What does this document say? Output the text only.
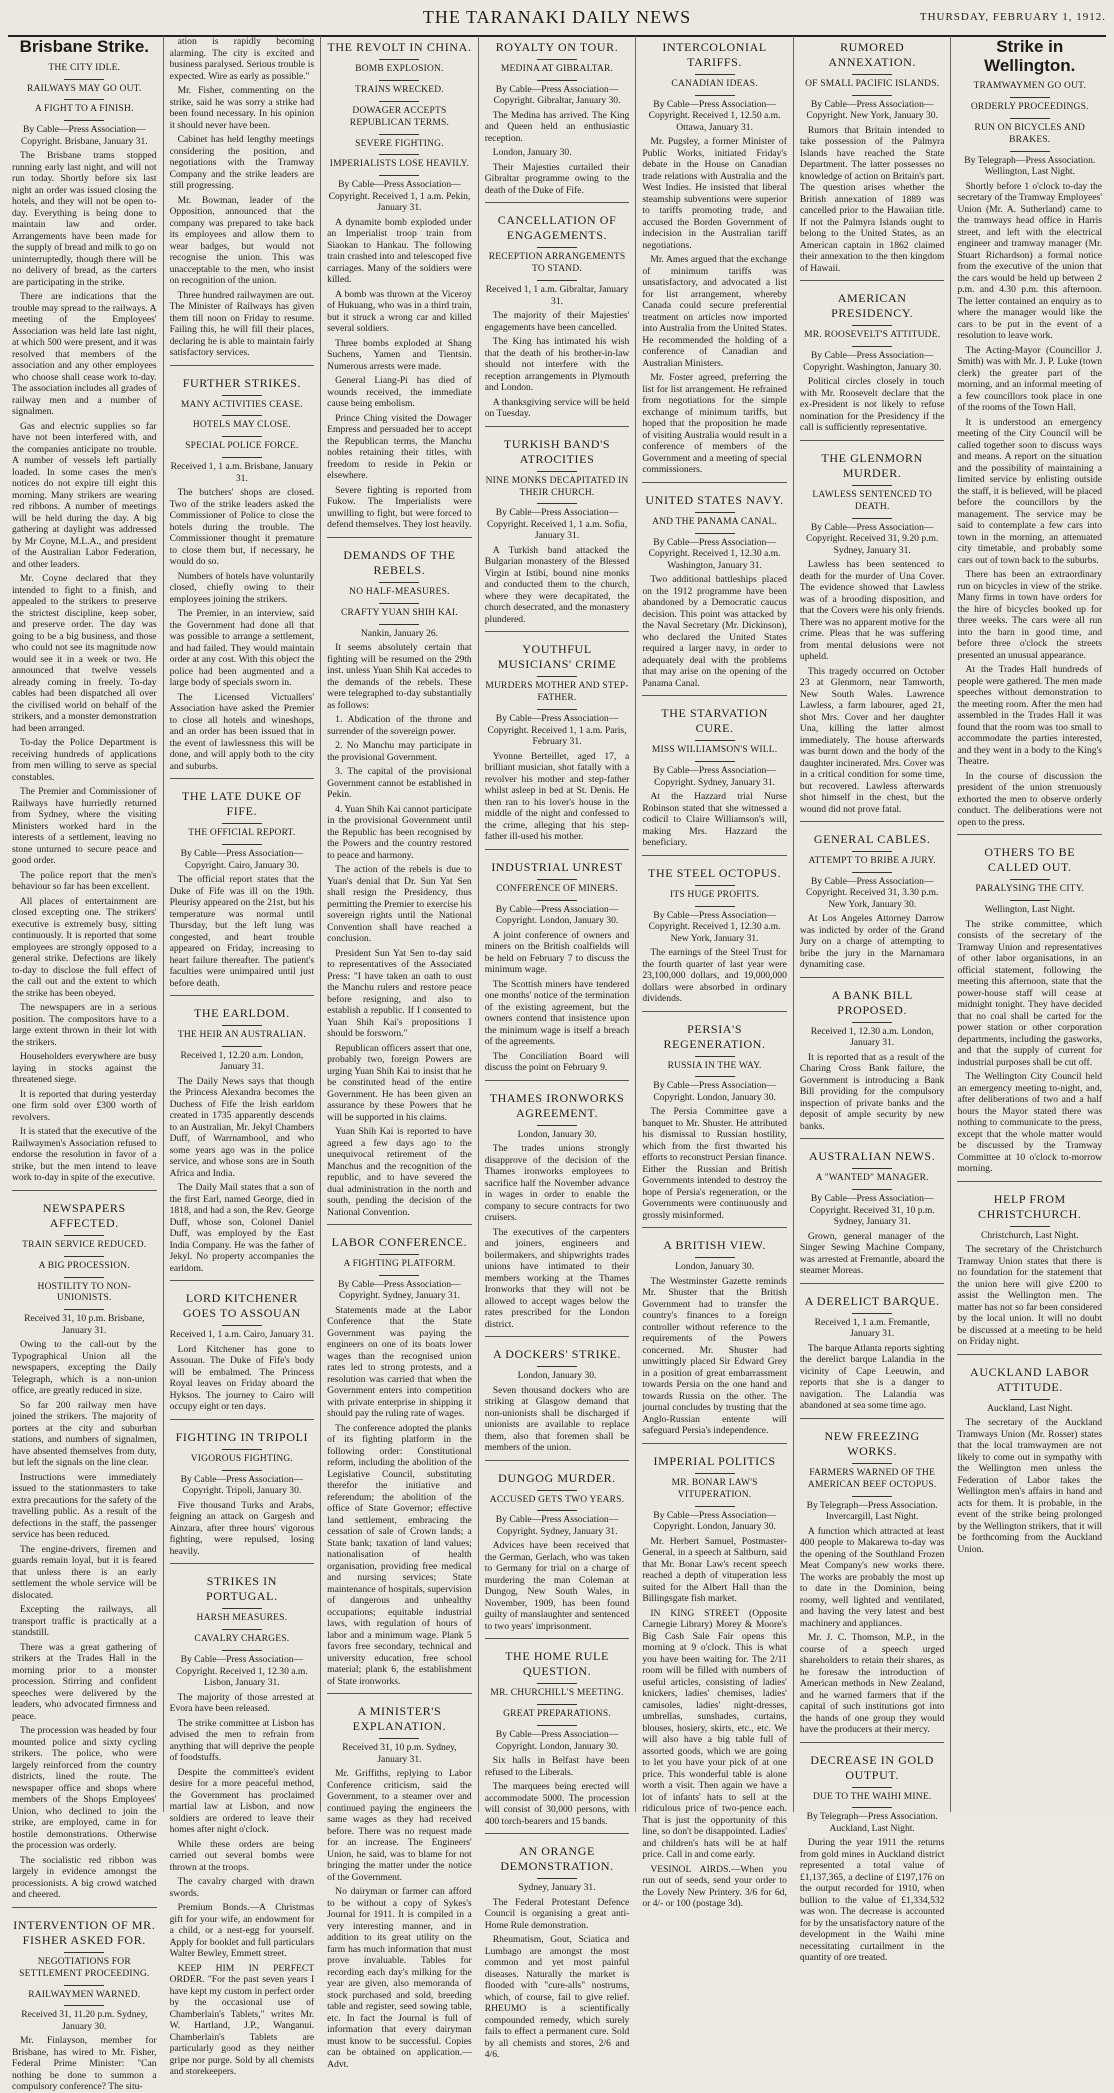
THE TARANAKI DAILY NEWS	THURSDAY, FEBRUARY 1, 1912.
Brisbane Strike.
THE CITY IDLE.
RAILWAYS MAY GO OUT.
A FIGHT TO A FINISH.

By Cable—Press Association—Copyright. Brisbane, January 31.

The Brisbane trams stopped running early last night, and will not run today. Shortly before six last night an order was issued closing the hotels, and they will not be open to-day. Everything is being done to maintain law and order. Arrangements have been made for the supply of bread and milk to go on uninterruptedly, though there will be no delivery of bread, as the carters are participating in the strike.

There are indications that the trouble may spread to the railways. A meeting of the Employees' Association was held late last night, at which 500 were present, and it was resolved that members of the association and any other employees who choose shall cease work to-day. The association includes all grades of railway men and a number of signalmen.

Gas and electric supplies so far have not been interfered with, and the companies anticipate no trouble. A number of vessels left partially loaded. In some cases the men's notices do not expire till eight this morning. Many strikers are wearing red ribbons. A number of meetings will be held during the day. A big gathering at daylight was addressed by Mr Coyne, M.L.A., and president of the Australian Labor Federation, and other leaders.

Mr. Coyne declared that they intended to fight to a finish, and appealed to the strikers to preserve the strictest discipline, keep sober, and preserve order. The day was going to be a big business, and those who could not see its magnitude now would see it in a week or two. He announced that twelve vessels already coming in freely. To-day cables had been dispatched all over the civilised world on behalf of the strikers, and a monster demonstration had been arranged.

To-day the Police Department is receiving hundreds of applications from men willing to serve as special constables.

The Premier and Commissioner of Railways have hurriedly returned from Sydney, where the visiting Ministers worked hard in the interests of a settlement, leaving no stone unturned to secure peace and good order.

The police report that the men's behaviour so far has been excellent.

All places of entertainment are closed excepting one. The strikers' executive is extremely busy, sitting continuously. It is reported that some employees are strongly opposed to a general strike. Defections are likely to-day to disclose the full effect of the call out and the extent to which the strike has been obeyed.

The newspapers are in a serious position. The compositors have to a large extent thrown in their lot with the strikers.

Householders everywhere are busy laying in stocks against the threatened siege.

It is reported that during yesterday one firm sold over £300 worth of revolvers.

It is stated that the executive of the Railwaymen's Association refused to endorse the resolution in favor of a strike, but the men intend to leave work to-day in spite of the executive.

NEWSPAPERS AFFECTED.
TRAIN SERVICE REDUCED.
A BIG PROCESSION.
HOSTILITY TO NON-UNIONISTS.

Received 31, 10 p.m. Brisbane, January 31.

Owing to the call-out by the Typographical Union all the newspapers, excepting the Daily Telegraph, which is a non-union office, are greatly reduced in size.

So far 200 railway men have joined the strikers. The majority of porters at the city and suburban stations, and numbers of signalmen, have absented themselves from duty, but left the signals on the line clear.

Instructions were immediately issued to the stationmasters to take extra precautions for the safety of the travelling public. As a result of the defections in the staff, the passenger service has been reduced.

The engine-drivers, firemen and guards remain loyal, but it is feared that unless there is an early settlement the whole service will be dislocated.

Excepting the railways, all transport traffic is practically at a standstill.

There was a great gathering of strikers at the Trades Hall in the morning prior to a monster procession. Stirring and confident speeches were delivered by the leaders, who advocated firmness and peace.

The procession was headed by four mounted police and sixty cycling strikers. The police, who were largely reinforced from the country districts, lined the route. The newspaper office and shops where members of the Shops Employees' Union, who declined to join the strike, are employed, came in for hostile demonstrations. Otherwise the procession was orderly.

The socialistic red ribbon was largely in evidence amongst the processionists. A big crowd watched and cheered.

INTERVENTION OF MR. FISHER ASKED FOR.
NEGOTIATIONS FOR SETTLEMENT PROCEEDING.
RAILWAYMEN WARNED.

Received 31, 11.20 p.m. Sydney, January 30.

Mr. Finlayson, member for Brisbane, has wired to Mr. Fisher, Federal Prime Minister: "Can nothing be done to summon a compulsory conference? The situ-

ation is rapidly becoming alarming. The city is excited and business paralysed. Serious trouble is expected. Wire as early as possible."

Mr. Fisher, commenting on the strike, said he was sorry a strike had been found necessary. In his opinion it should never have been.

Cabinet has held lengthy meetings considering the position, and negotiations with the Tramway Company and the strike leaders are still progressing.

Mr. Bowman, leader of the Opposition, announced that the company was prepared to take back its employees and allow them to wear badges, but would not recognise the union. This was unacceptable to the men, who insist on recognition of the union.

Three hundred railwaymen are out. The Minister of Railways has given them till noon on Friday to resume. Failing this, he will fill their places, declaring he is able to maintain fairly satisfactory services.

FURTHER STRIKES.
MANY ACTIVITIES CEASE.
HOTELS MAY CLOSE.
SPECIAL POLICE FORCE.

Received 1, 1 a.m. Brisbane, January 31.

The butchers' shops are closed. Two of the strike leaders asked the Commissioner of Police to close the hotels during the trouble. The Commissioner thought it premature to close them but, if necessary, he would do so.

Numbers of hotels have voluntarily closed, chiefly owing to their employees joining the strikers.

The Premier, in an interview, said the Government had done all that was possible to arrange a settlement, and had failed. They would maintain order at any cost. With this object the police had been augmented and a large body of specials sworn in.

The Licensed Victuallers' Association have asked the Premier to close all hotels and wineshops, and an order has been issued that in the event of lawlessness this will be done, and will apply both to the city and suburbs.

THE LATE DUKE OF FIFE.
THE OFFICIAL REPORT.

By Cable—Press Association—Copyright. Cairo, January 30.

The official report states that the Duke of Fife was ill on the 19th. Pleurisy appeared on the 21st, but his temperature was normal until Thursday, but the left lung was congested, and heart trouble appeared on Friday, increasing to heart failure thereafter. The patient's faculties were unimpaired until just before death.

THE EARLDOM.
THE HEIR AN AUSTRALIAN.

Received 1, 12.20 a.m. London, January 31.

The Daily News says that though the Princess Alexandra becomes the Duchess of Fife the Irish earldom created in 1735 apparently descends to an Australian, Mr. Jekyl Chambers Duff, of Warrnambool, and who some years ago was in the police service, and whose sons are in South Africa and India.

The Daily Mail states that a son of the first Earl, named George, died in 1818, and had a son, the Rev. George Duff, whose son, Colonel Daniel Duff, was employed by the East India Company. He was the father of Jekyl. No property accompanies the earldom.

LORD KITCHENER GOES TO ASSOUAN

Received 1, 1 a.m. Cairo, January 31.

Lord Kitchener has gone to Assouan. The Duke of Fife's body will be embalmed. The Princess Royal leaves on Friday aboard the Hyksos. The journey to Cairo will occupy eight or ten days.

FIGHTING IN TRIPOLI
VIGOROUS FIGHTING.

By Cable—Press Association—Copyright. Tripoli, January 30.

Five thousand Turks and Arabs, feigning an attack on Gargesh and Ainzara, after three hours' vigorous fighting, were repulsed, losing heavily.

STRIKES IN PORTUGAL.
HARSH MEASURES.
CAVALRY CHARGES.

By Cable—Press Association—Copyright. Received 1, 12.30 a.m. Lisbon, January 31.

The majority of those arrested at Evora have been released.

The strike committee at Lisbon has advised the men to refrain from anything that will deprive the people of foodstuffs.

Despite the committee's evident desire for a more peaceful method, the Government has proclaimed martial law at Lisbon, and now soldiers are ordered to leave their homes after night o'clock.

While these orders are being carried out several bombs were thrown at the troops.

The cavalry charged with drawn swords.

Premium Bonds.—A Christmas gift for your wife, an endowment for a child, or a nest-egg for yourself. Apply for booklet and full particulars Walter Bewley, Emmett street.

KEEP HIM IN PERFECT ORDER. "For the past seven years I have kept my custom in perfect order by the occasional use of Chamberlain's Tablets," writes Mr. W. Hartland, J.P., Wanganui. Chamberlain's Tablets are particularly good as they neither gripe nor purge. Sold by all chemists and storekeepers.

THE REVOLT IN CHINA.
BOMB EXPLOSION.
TRAINS WRECKED.
DOWAGER ACCEPTS REPUBLICAN TERMS.
SEVERE FIGHTING.
IMPERIALISTS LOSE HEAVILY.

By Cable—Press Association—Copyright. Received 1, 1 a.m. Pekin, January 31.

A dynamite bomb exploded under an Imperialist troop train from Siaokan to Hankau. The following train crashed into and telescoped five carriages. Many of the soldiers were killed.

A bomb was thrown at the Viceroy of Hukuang, who was in a third train, but it struck a wrong car and killed several soldiers.

Three bombs exploded at Shang Suchens, Yamen and Tientsin. Numerous arrests were made.

General Liang-Pi has died of wounds received, the immediate cause being embolism.

Prince Ching visited the Dowager Empress and persuaded her to accept the Republican terms, the Manchu nobles retaining their titles, with freedom to reside in Pekin or elsewhere.

Severe fighting is reported from Fukow. The Imperialists were unwilling to fight, but were forced to defend themselves. They lost heavily.

DEMANDS OF THE REBELS.
NO HALF-MEASURES.
CRAFTY YUAN SHIH KAI.

Nankin, January 26.

It seems absolutely certain that fighting will be resumed on the 29th inst. unless Yuan Shih Kai accedes to the demands of the rebels. These were telegraphed to-day substantially as follows:

1. Abdication of the throne and surrender of the sovereign power.

2. No Manchu may participate in the provisional Government.

3. The capital of the provisional Government cannot be established in Pekin.

4. Yuan Shih Kai cannot participate in the provisional Government until the Republic has been recognised by the Powers and the country restored to peace and harmony.

The action of the rebels is due to Yuan's denial that Dr. Sun Yat Sen shall resign the Presidency, thus permitting the Premier to exercise his sovereign rights until the National Convention shall have reached a conclusion.

President Sun Yat Sen to-day said to representatives of the Associated Press: "I have taken an oath to oust the Manchu rulers and restore peace before resigning, and also to establish a republic. If I consented to Yuan Shih Kai's propositions I should be forsworn."

Republican officers assert that one, probably two, foreign Powers are urging Yuan Shih Kai to insist that he be constituted head of the entire Government. He has been given an assurance by these Powers that he will be supported in his claims.

Yuan Shih Kai is reported to have agreed a few days ago to the unequivocal retirement of the Manchus and the recognition of the republic, and to have severed the dual administration in the north and south, pending the decision of the National Convention.

LABOR CONFERENCE.
A FIGHTING PLATFORM.

By Cable—Press Association—Copyright. Sydney, January 31.

Statements made at the Labor Conference that the State Government was paying the engineers on one of its boats lower wages than the recognised union rates led to strong protests, and a resolution was carried that when the Government enters into competition with private enterprise in shipping it should pay the ruling rate of wages.

The conference adopted the planks of its fighting platform in the following order: Constitutional reform, including the abolition of the Legislative Council, substituting therefor the initiative and referendum; the abolition of the office of State Governor; effective land settlement, embracing the cessation of sale of Crown lands; a State bank; taxation of land values; nationalisation of health organisation, providing free medical and nursing services; State maintenance of hospitals, supervision of dangerous and unhealthy occupations; equitable industrial laws, with regulation of hours of labor and a minimum wage. Plank 5 favors free secondary, technical and university education, free school material; plank 6, the establishment of State ironworks.

A MINISTER'S EXPLANATION.

Received 31, 10 p.m. Sydney, January 31.

Mr. Griffiths, replying to Labor Conference criticism, said the Government, to a steamer over and continued paying the engineers the same wages as they had received before. There was no request made for an increase. The Engineers' Union, he said, was to blame for not bringing the matter under the notice of the Government.

No dairyman or farmer can afford to be without a copy of Sykes's Journal for 1911. It is compiled in a very interesting manner, and in addition to its great utility on the farm has much information that must prove invaluable. Tables for recording each day's milking for the year are given, also memoranda of stock purchased and sold, breeding table and register, seed sowing table, etc. In fact the Journal is full of information that every dairyman must know to be successful. Copies can be obtained on application.—Advt.

ROYALTY ON TOUR.
MEDINA AT GIBRALTAR.

By Cable—Press Association—Copyright. Gibraltar, January 30.

The Medina has arrived. The King and Queen held an enthusiastic reception.

London, January 30.

Their Majesties curtailed their Gibraltar programme owing to the death of the Duke of Fife.

CANCELLATION OF ENGAGEMENTS.
RECEPTION ARRANGEMENTS TO STAND.

Received 1, 1 a.m. Gibraltar, January 31.

The majority of their Majesties' engagements have been cancelled.

The King has intimated his wish that the death of his brother-in-law should not interfere with the reception arrangements in Plymouth and London.

A thanksgiving service will be held on Tuesday.

TURKISH BAND'S ATROCITIES
NINE MONKS DECAPITATED IN THEIR CHURCH.

By Cable—Press Association—Copyright. Received 1, 1 a.m. Sofia, January 31.

A Turkish band attacked the Bulgarian monastery of the Blessed Virgin at Istibi, bound nine monks and conducted them to the church, where they were decapitated, the church desecrated, and the monastery plundered.

YOUTHFUL MUSICIANS' CRIME
MURDERS MOTHER AND STEP-FATHER.

By Cable—Press Association—Copyright. Received 1, 1 a.m. Paris, February 31.

Yvonne Berteillet, aged 17, a brilliant musician, shot fatally with a revolver his mother and step-father whilst asleep in bed at St. Denis. He then ran to his lover's house in the middle of the night and confessed to the crime, alleging that his step-father ill-used his mother.

INDUSTRIAL UNREST
CONFERENCE OF MINERS.

By Cable—Press Association—Copyright. London, January 30.

A joint conference of owners and miners on the British coalfields will be held on February 7 to discuss the minimum wage.

The Scottish miners have tendered one months' notice of the termination of the existing agreement, but the owners contend that insistence upon the minimum wage is itself a breach of the agreements.

The Conciliation Board will discuss the point on February 9.

THAMES IRONWORKS AGREEMENT.

London, January 30.

The trades unions strongly disapprove of the decision of the Thames ironworks employees to sacrifice half the November advance in wages in order to enable the company to secure contracts for two cruisers.

The executives of the carpenters and joiners, engineers and boilermakers, and shipwrights trades unions have intimated to their members working at the Thames Ironworks that they will not be allowed to accept wages below the rates prescribed for the London district.

A DOCKERS' STRIKE.

London, January 30.

Seven thousand dockers who are striking at Glasgow demand that non-unionists shall be discharged if unionists are available to replace them, also that foremen shall be members of the union.

DUNGOG MURDER.
ACCUSED GETS TWO YEARS.

By Cable—Press Association—Copyright. Sydney, January 31.

Advices have been received that the German, Gerlach, who was taken to Germany for trial on a charge of murdering the man Coleman at Dungog, New South Wales, in November, 1909, has been found guilty of manslaughter and sentenced to two years' imprisonment.

THE HOME RULE QUESTION.
MR. CHURCHILL'S MEETING.
GREAT PREPARATIONS.

By Cable—Press Association—Copyright. London, January 30.

Six halls in Belfast have been refused to the Liberals.

The marquees being erected will accommodate 5000. The procession will consist of 30,000 persons, with 400 torch-bearers and 15 bands.

AN ORANGE DEMONSTRATION.

Sydney, January 31.

The Federal Protestant Defence Council is organising a great anti-Home Rule demonstration.

Rheumatism, Gout, Sciatica and Lumbago are amongst the most common and yet most painful diseases. Naturally the market is flooded with "cure-alls" nostrums, which, of course, fail to give relief. RHEUMO is a scientifically compounded remedy, which surely fails to effect a permanent cure. Sold by all chemists and stores, 2/6 and 4/6.

INTERCOLONIAL TARIFFS.
CANADIAN IDEAS.

By Cable—Press Association—Copyright. Received 1, 12.50 a.m. Ottawa, January 31.

Mr. Pugsley, a former Minister of Public Works, initiated Friday's debate in the House on Canadian trade relations with Australia and the West Indies. He insisted that liberal steamship subventions were superior to tariffs promoting trade, and accused the Borden Government of indecision in the Australian tariff negotiations.

Mr. Ames argued that the exchange of minimum tariffs was unsatisfactory, and advocated a list for list arrangement, whereby Canada could secure preferential treatment on articles now imported into Australia from the United States. He recommended the holding of a conference of Canadian and Australian Ministers.

Mr. Foster agreed, preferring the list for list arrangement. He refrained from negotiations for the simple exchange of minimum tariffs, but hoped that the proposition he made of visiting Australia would result in a conference of members of the Government and a meeting of special commissioners.

UNITED STATES NAVY.
AND THE PANAMA CANAL.

By Cable—Press Association—Copyright. Received 1, 12.30 a.m. Washington, January 31.

Two additional battleships placed on the 1912 programme have been abandoned by a Democratic caucus decision. This point was attacked by the Naval Secretary (Mr. Dickinson), who declared the United States required a larger navy, in order to adequately deal with the problems that may arise on the opening of the Panama Canal.

THE STARVATION CURE.
MISS WILLIAMSON'S WILL.

By Cable—Press Association—Copyright. Sydney, January 31.

At the Hazzard trial Nurse Robinson stated that she witnessed a codicil to Claire Williamson's will, making Mrs. Hazzard the beneficiary.

THE STEEL OCTOPUS.
ITS HUGE PROFITS.

By Cable—Press Association—Copyright. Received 1, 12.30 a.m. New York, January 31.

The earnings of the Steel Trust for the fourth quarter of last year were 23,100,000 dollars, and 19,000,000 dollars were absorbed in ordinary dividends.

PERSIA'S REGENERATION.
RUSSIA IN THE WAY.

By Cable—Press Association—Copyright. London, January 30.

The Persia Committee gave a banquet to Mr. Shuster. He attributed his dismissal to Russian hostility, which from the first thwarted his efforts to reconstruct Persian finance. Either the Russian and British Governments intended to destroy the hope of Persia's regeneration, or the Governments were continuously and grossly misinformed.

A BRITISH VIEW.

London, January 30.

The Westminster Gazette reminds Mr. Shuster that the British Government had to transfer the country's finances to a foreign controller without reference to the requirements of the Powers concerned. Mr. Shuster had unwittingly placed Sir Edward Grey in a position of great embarrassment towards Persia on the one hand and towards Russia on the other. The journal concludes by trusting that the Anglo-Russian entente will safeguard Persia's independence.

IMPERIAL POLITICS
MR. BONAR LAW'S VITUPERATION.

By Cable—Press Association—Copyright. London, January 30.

Mr. Herbert Samuel, Postmaster-General, in a speech at Saltburn, said that Mr. Bonar Law's recent speech reached a depth of vituperation less suited for the Albert Hall than the Billingsgate fish market.

IN KING STREET (Opposite Carnegie Library) Morey & Moore's Big Cash Sale Fair opens this morning at 9 o'clock. This is what you have been waiting for. The 2/11 room will be filled with numbers of useful articles, consisting of ladies' knickers, ladies' chemises, ladies' camisoles, ladies' night-dresses, umbrellas, sunshades, curtains, blouses, hosiery, skirts, etc., etc. We will also have a big table full of assorted goods, which we are going to let you have your pick of at one price. This wonderful table is alone worth a visit. Then again we have a lot of infants' hats to sell at the ridiculous price of two-pence each. That is just the opportunity of this line, so don't be disappointed. Ladies' and children's hats will be at half price. Call in and come early.

VESINOL AIRDS.—When you run out of seeds, send your order to the Lovely New Printery. 3/6 for 6d, or 4/- or 100 (postage 3d).

RUMORED ANNEXATION.
OF SMALL PACIFIC ISLANDS.

By Cable—Press Association—Copyright. New York, January 30.

Rumors that Britain intended to take possession of the Palmyra Islands have reached the State Department. The latter possesses no knowledge of action on Britain's part. The question arises whether the British annexation of 1889 was cancelled prior to the Hawaiian title. If not the Palmyra Islands ought to belong to the United States, as an American captain in 1862 claimed their annexation to the then kingdom of Hawaii.

AMERICAN PRESIDENCY.
MR. ROOSEVELT'S ATTITUDE.

By Cable—Press Association—Copyright. Washington, January 30.

Political circles closely in touch with Mr. Roosevelt declare that the ex-President is not likely to refuse nomination for the Presidency if the call is sufficiently representative.

THE GLENMORN MURDER.
LAWLESS SENTENCED TO DEATH.

By Cable—Press Association—Copyright. Received 31, 9.20 p.m. Sydney, January 31.

Lawless has been sentenced to death for the murder of Una Cover. The evidence showed that Lawless was of a brooding disposition, and that the Covers were his only friends. There was no apparent motive for the crime. Pleas that he was suffering from mental delusions were not upheld.

This tragedy occurred on October 23 at Glenmorn, near Tamworth, New South Wales. Lawrence Lawless, a farm labourer, aged 21, shot Mrs. Cover and her daughter Una, killing the latter almost immediately. The house afterwards was burnt down and the body of the daughter incinerated. Mrs. Cover was in a critical condition for some time, but recovered. Lawless afterwards shot himself in the chest, but the wound did not prove fatal.

GENERAL CABLES.
ATTEMPT TO BRIBE A JURY.

By Cable—Press Association—Copyright. Received 31, 3.30 p.m. New York, January 30.

At Los Angeles Attorney Darrow was indicted by order of the Grand Jury on a charge of attempting to bribe the jury in the Marnamara dynamiting case.

A BANK BILL PROPOSED.

Received 1, 12.30 a.m. London, January 31.

It is reported that as a result of the Charing Cross Bank failure, the Government is introducing a Bank Bill providing for the compulsory inspection of private banks and the deposit of ample security by new banks.

AUSTRALIAN NEWS.
A "WANTED" MANAGER.

By Cable—Press Association—Copyright. Received 31, 10 p.m. Sydney, January 31.

Grown, general manager of the Singer Sewing Machine Company, was arrested at Fremantle, aboard the steamer Moreas.

A DERELICT BARQUE.

Received 1, 1 a.m. Fremantle, January 31.

The barque Atlanta reports sighting the derelict barque Lalandia in the vicinity of Cape Leeuwin, and reports that she is a danger to navigation. The Lalandia was abandoned at sea some time ago.

NEW FREEZING WORKS.
FARMERS WARNED OF THE AMERICAN BEEF OCTOPUS.

By Telegraph—Press Association. Invercargill, Last Night.

A function which attracted at least 400 people to Makarewa to-day was the opening of the Southland Frozen Meat Company's new works there. The works are probably the most up to date in the Dominion, being roomy, well lighted and ventilated, and having the very latest and best machinery and appliances.

Mr. J. C. Thomson, M.P., in the course of a speech urged shareholders to retain their shares, as he foresaw the introduction of American methods in New Zealand, and he warned farmers that if the capital of such institutions got into the hands of one group they would have the producers at their mercy.

DECREASE IN GOLD OUTPUT.
DUE TO THE WAIHI MINE.

By Telegraph—Press Association. Auckland, Last Night.

During the year 1911 the returns from gold mines in Auckland district represented a total value of £1,137,365, a decline of £197,176 on the output recorded for 1910, when bullion to the value of £1,334,532 was won. The decrease is accounted for by the unsatisfactory nature of the development in the Waihi mine necessitating curtailment in the quantity of ore treated.

Strike in Wellington.
TRAMWAYMEN GO OUT.
ORDERLY PROCEEDINGS.
RUN ON BICYCLES AND BRAKES.

By Telegraph—Press Association. Wellington, Last Night.

Shortly before 1 o'clock to-day the secretary of the Tramway Employees' Union (Mr. A. Sutherland) came to the tramways head office in Harris street, and left with the electrical engineer and tramway manager (Mr. Stuart Richardson) a formal notice from the executive of the union that the cars would be held up between 2 p.m. and 4.30 p.m. this afternoon. The letter contained an enquiry as to where the manager would like the cars to be put in the event of a resolution to leave work.

The Acting-Mayor (Councillor J. Smith) was with Mr. J. P. Luke (town clerk) the greater part of the morning, and an informal meeting of a few councillors took place in one of the rooms of the Town Hall.

It is understood an emergency meeting of the City Council will be called together soon to discuss ways and means. A report on the situation and the possibility of maintaining a limited service by enlisting outside the staff, it is believed, will be placed before the councillors by the management. The service may be said to contemplate a few cars into town in the morning, an attenuated city timetable, and probably some cars out of town back to the suburbs.

There has been an extraordinary run on bicycles in view of the strike. Many firms in town have orders for the hire of bicycles booked up for three weeks. The cars were all run into the barn in good time, and before three o'clock the streets presented an unusual appearance.

At the Trades Hall hundreds of people were gathered. The men made speeches without demonstration to the meeting room. After the men had assembled in the Trades Hall it was found that the room was too small to accommodate the parties interested, and they went in a body to the King's Theatre.

In the course of discussion the president of the union strenuously exhorted the men to observe orderly conduct. The deliberations were not open to the press.

OTHERS TO BE CALLED OUT.
PARALYSING THE CITY.

Wellington, Last Night.

The strike committee, which consists of the secretary of the Tramway Union and representatives of other labor organisations, in an official statement, following the meeting this afternoon, state that the power-house staff will cease at midnight tonight. They have decided that no coal shall be carted for the power station or other corporation departments, including the gasworks, and that the supply of current for industrial purposes shall be cut off.

The Wellington City Council held an emergency meeting to-night, and, after deliberations of two and a half hours the Mayor stated there was nothing to communicate to the press, except that the whole matter would be discussed by the Tramway Committee at 10 o'clock to-morrow morning.

HELP FROM CHRISTCHURCH.

Christchurch, Last Night.

The secretary of the Christchurch Tramway Union states that there is no foundation for the statement that the union here will give £200 to assist the Wellington men. The matter has not so far been considered by the local union. It will no doubt be discussed at a meeting to be held on Friday night.

AUCKLAND LABOR ATTITUDE.

Auckland, Last Night.

The secretary of the Auckland Tramways Union (Mr. Rosser) states that the local tramwaymen are not likely to come out in sympathy with the Wellington men unless the Federation of Labor takes the Wellington men's affairs in hand and acts for them. It is probable, in the event of the strike being prolonged by the Wellington strikers, that it will be forthcoming from the Auckland Union.
